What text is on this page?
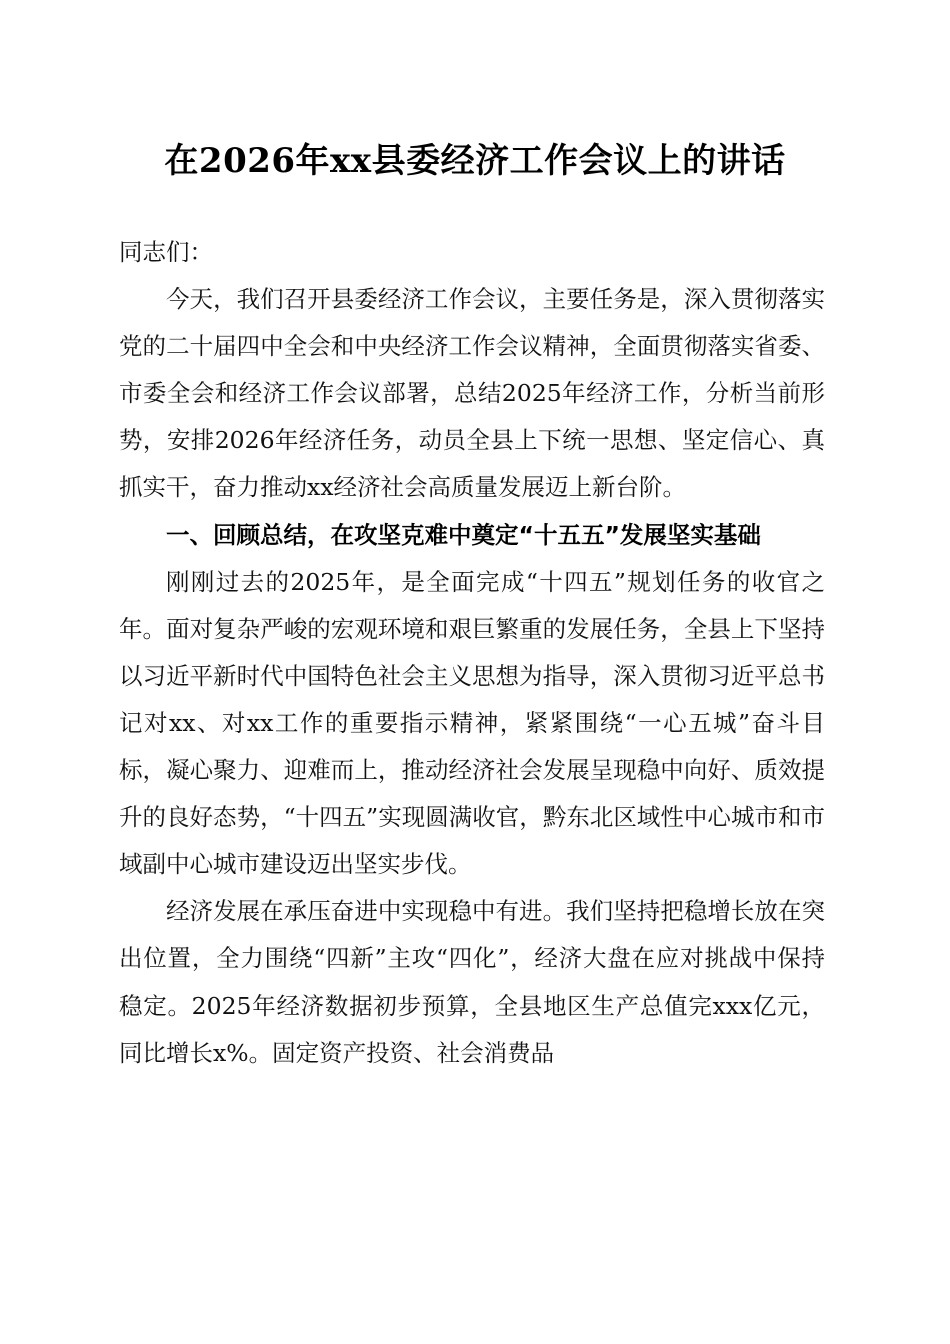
在2026年xx县委经济工作会议上的讲话

同志们：

今天，我们召开县委经济工作会议，主要任务是，深入贯彻落实党的二十届四中全会和中央经济工作会议精神，全面贯彻落实省委、市委全会和经济工作会议部署，总结2025年经济工作，分析当前形势，安排2026年经济任务，动员全县上下统一思想、坚定信心、真抓实干，奋力推动xx经济社会高质量发展迈上新台阶。

一、回顾总结，在攻坚克难中奠定“十五五”发展坚实基础

刚刚过去的2025年，是全面完成“十四五”规划任务的收官之年。面对复杂严峻的宏观环境和艰巨繁重的发展任务，全县上下坚持以习近平新时代中国特色社会主义思想为指导，深入贯彻习近平总书记对xx、对xx工作的重要指示精神，紧紧围绕“一心五城”奋斗目标，凝心聚力、迎难而上，推动经济社会发展呈现稳中向好、质效提升的良好态势，“十四五”实现圆满收官，黔东北区域性中心城市和市域副中心城市建设迈出坚实步伐。

经济发展在承压奋进中实现稳中有进。我们坚持把稳增长放在突出位置，全力围绕“四新”主攻“四化”，经济大盘在应对挑战中保持稳定。2025年经济数据初步预算，全县地区生产总值完xxx亿元，同比增长x%。固定资产投资、社会消费品
